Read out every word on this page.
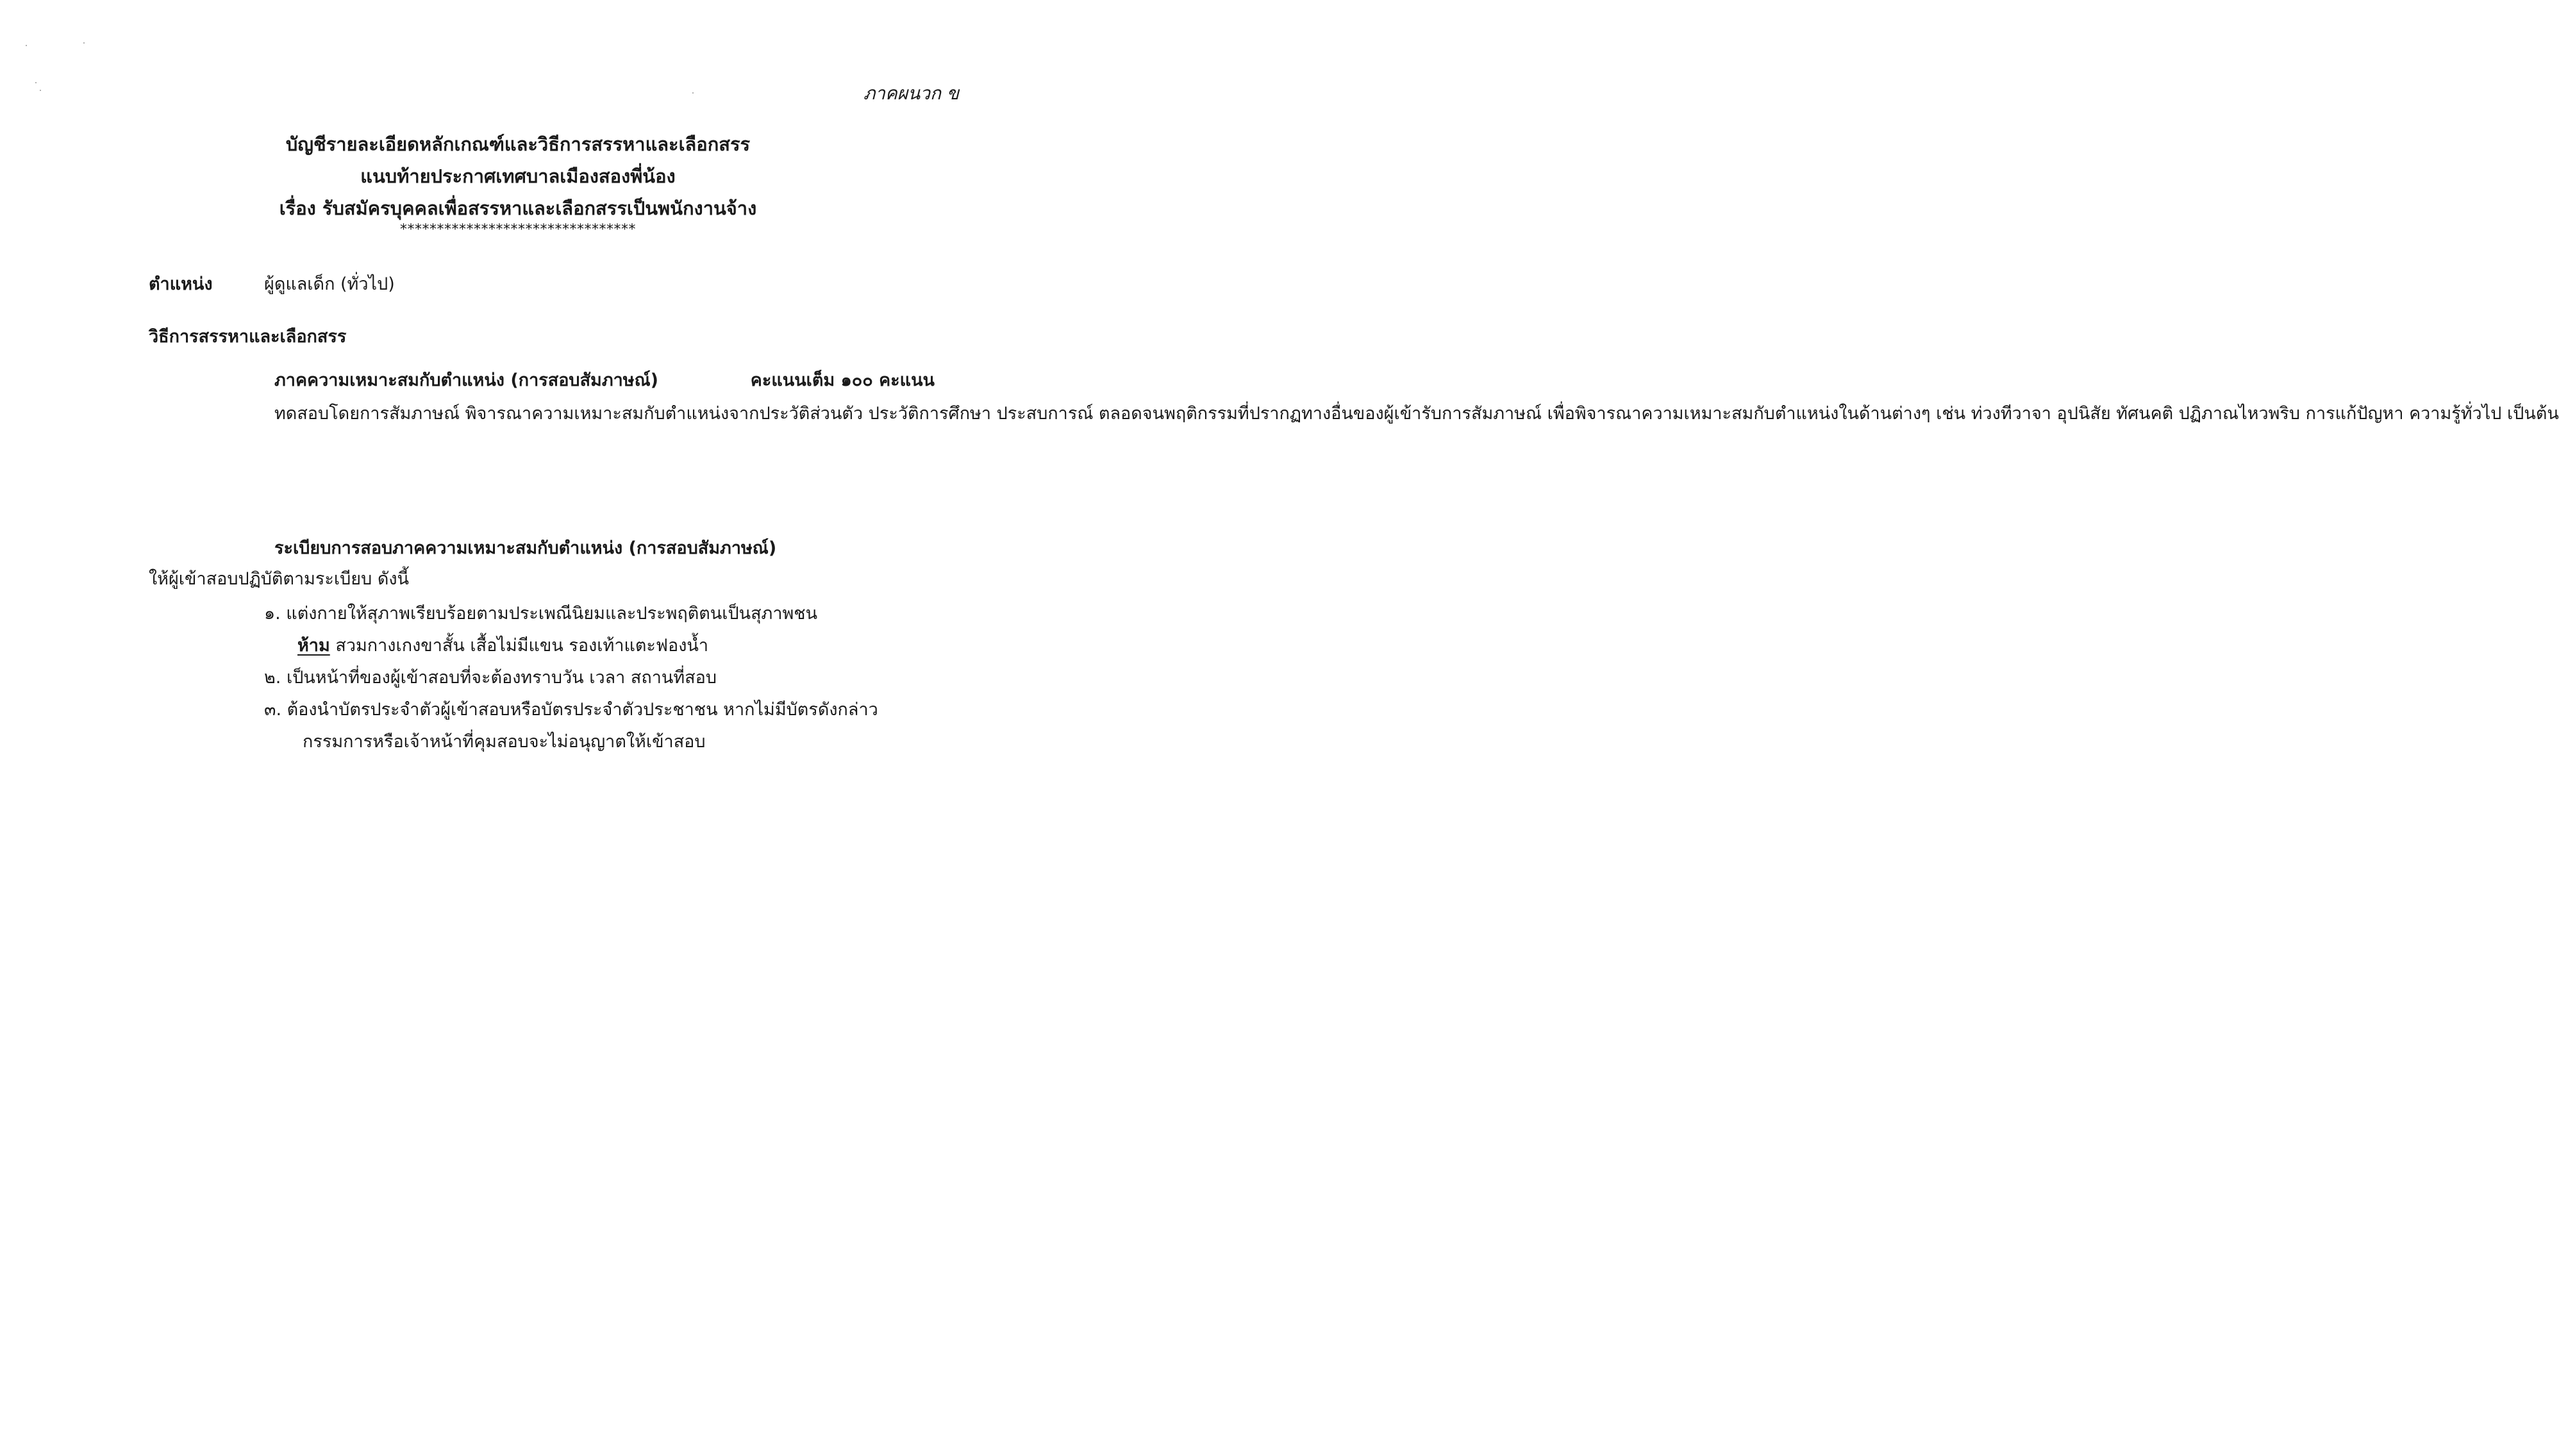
ภาคผนวก ข
บัญชีรายละเอียดหลักเกณฑ์และวิธีการสรรหาและเลือกสรร
แนบท้ายประกาศเทศบาลเมืองสองพี่น้อง
เรื่อง รับสมัครบุคคลเพื่อสรรหาและเลือกสรรเป็นพนักงานจ้าง
********************************
ตำแหน่ง	ผู้ดูแลเด็ก (ทั่วไป)
วิธีการสรรหาและเลือกสรร
ภาคความเหมาะสมกับตำแหน่ง (การสอบสัมภาษณ์)	คะแนนเต็ม ๑๐๐ คะแนน
ทดสอบโดยการสัมภาษณ์ พิจารณาความเหมาะสมกับตำแหน่งจากประวัติส่วนตัว ประวัติการศึกษา ประสบการณ์ ตลอดจนพฤติกรรมที่ปรากฏทางอื่นของผู้เข้ารับการสัมภาษณ์ เพื่อพิจารณาความเหมาะสมกับตำแหน่งในด้านต่างๆ เช่น ท่วงทีวาจา อุปนิสัย ทัศนคติ ปฏิภาณไหวพริบ การแก้ปัญหา ความรู้ทั่วไป เป็นต้น
ระเบียบการสอบภาคความเหมาะสมกับตำแหน่ง (การสอบสัมภาษณ์)
ให้ผู้เข้าสอบปฏิบัติตามระเบียบ ดังนี้
๑. แต่งกายให้สุภาพเรียบร้อยตามประเพณีนิยมและประพฤติตนเป็นสุภาพชน
ห้าม สวมกางเกงขาสั้น เสื้อไม่มีแขน รองเท้าแตะฟองน้ำ
๒. เป็นหน้าที่ของผู้เข้าสอบที่จะต้องทราบวัน เวลา สถานที่สอบ
๓. ต้องนำบัตรประจำตัวผู้เข้าสอบหรือบัตรประจำตัวประชาชน หากไม่มีบัตรดังกล่าว
กรรมการหรือเจ้าหน้าที่คุมสอบจะไม่อนุญาตให้เข้าสอบ
